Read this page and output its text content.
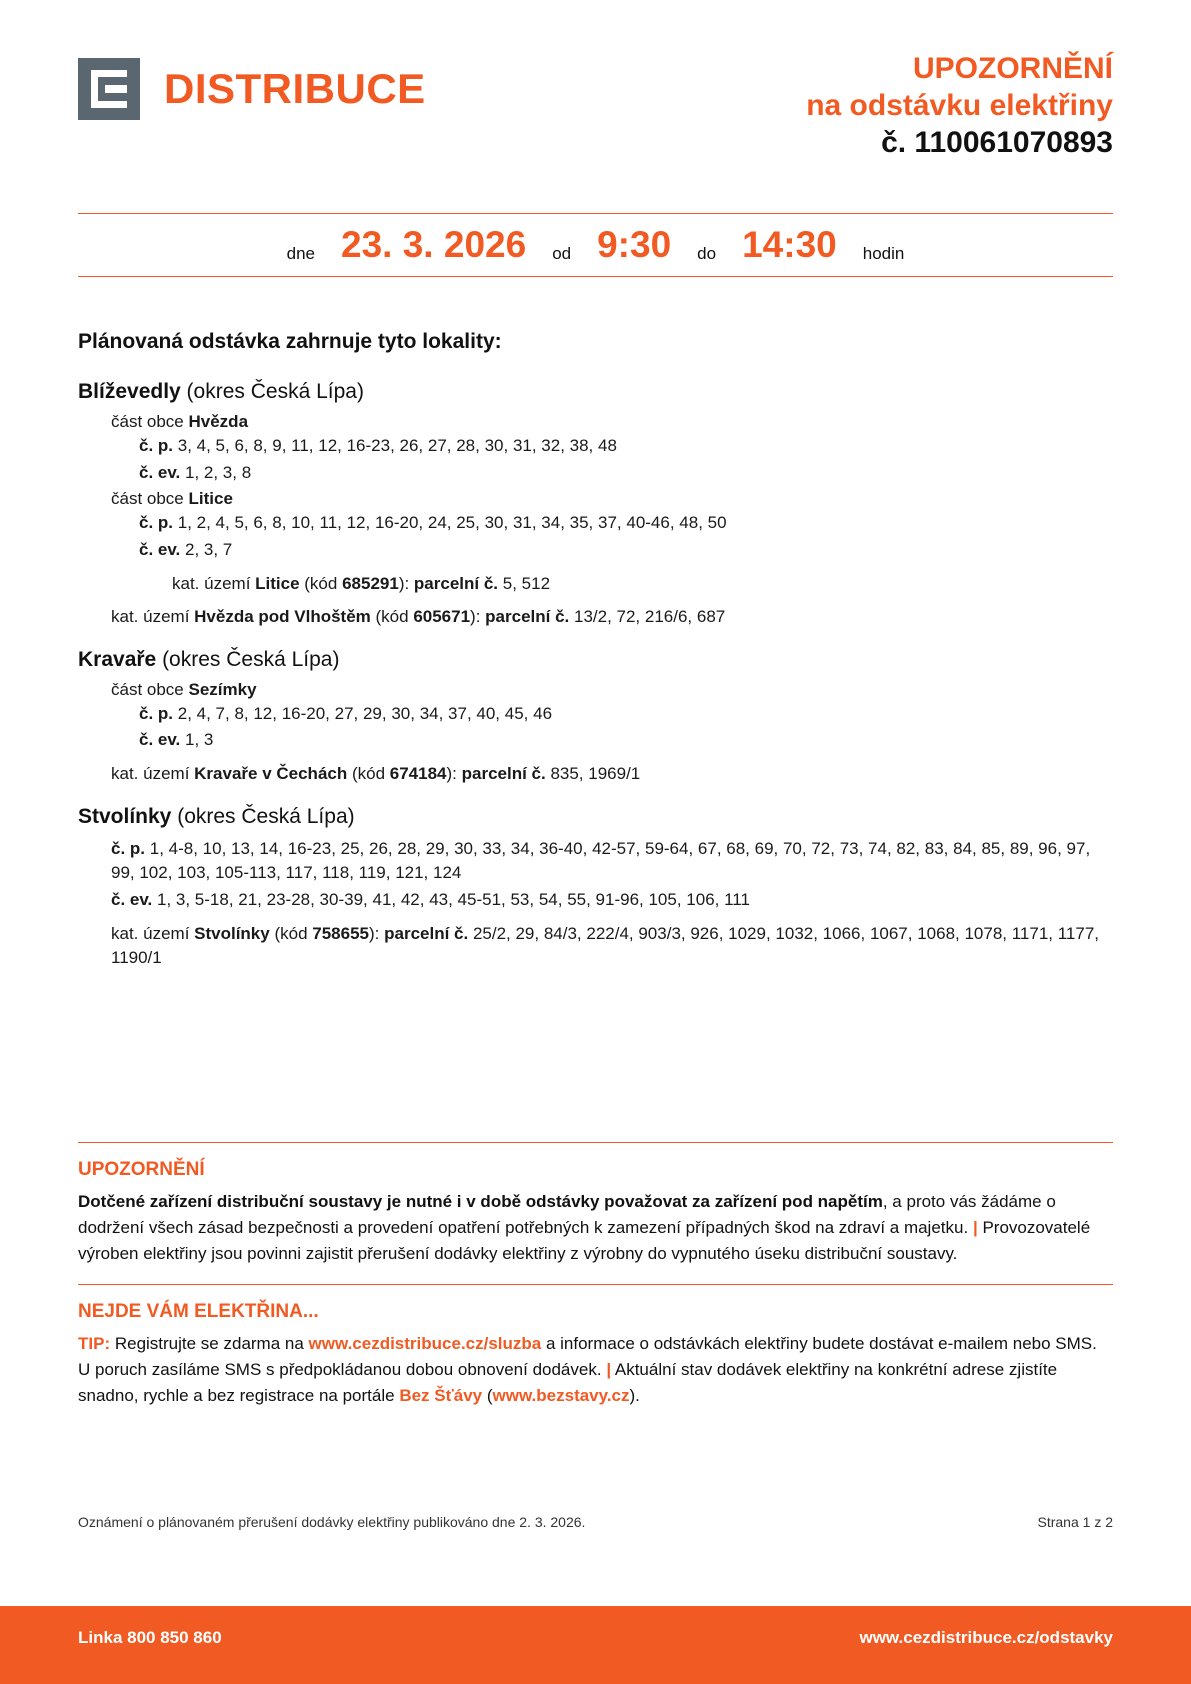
DISTRIBUCE	UPOZORNĚNÍ
na odstávku elektřiny
č. 110061070893
dne 23. 3. 2026 od 9:30 do 14:30 hodin
Plánovaná odstávka zahrnuje tyto lokality:
Blíževedly (okres Česká Lípa)
část obce Hvězda
č. p. 3, 4, 5, 6, 8, 9, 11, 12, 16-23, 26, 27, 28, 30, 31, 32, 38, 48
č. ev. 1, 2, 3, 8
část obce Litice
č. p. 1, 2, 4, 5, 6, 8, 10, 11, 12, 16-20, 24, 25, 30, 31, 34, 35, 37, 40-46, 48, 50
č. ev. 2, 3, 7
kat. území Litice (kód 685291): parcelní č. 5, 512
kat. území Hvězda pod Vlhoštěm (kód 605671): parcelní č. 13/2, 72, 216/6, 687
Kravaře (okres Česká Lípa)
část obce Sezímky
č. p. 2, 4, 7, 8, 12, 16-20, 27, 29, 30, 34, 37, 40, 45, 46
č. ev. 1, 3
kat. území Kravaře v Čechách (kód 674184): parcelní č. 835, 1969/1
Stvolínky (okres Česká Lípa)
č. p. 1, 4-8, 10, 13, 14, 16-23, 25, 26, 28, 29, 30, 33, 34, 36-40, 42-57, 59-64, 67, 68, 69, 70, 72, 73, 74, 82, 83, 84, 85, 89, 96, 97, 99, 102, 103, 105-113, 117, 118, 119, 121, 124
č. ev. 1, 3, 5-18, 21, 23-28, 30-39, 41, 42, 43, 45-51, 53, 54, 55, 91-96, 105, 106, 111
kat. území Stvolínky (kód 758655): parcelní č. 25/2, 29, 84/3, 222/4, 903/3, 926, 1029, 1032, 1066, 1067, 1068, 1078, 1171, 1177, 1190/1
UPOZORNĚNÍ
Dotčené zařízení distribuční soustavy je nutné i v době odstávky považovat za zařízení pod napětím, a proto vás žádáme o dodržení všech zásad bezpečnosti a provedení opatření potřebných k zamezení případných škod na zdraví a majetku. | Provozovatelé výroben elektřiny jsou povinni zajistit přerušení dodávky elektřiny z výrobny do vypnutého úseku distribuční soustavy.
NEJDE VÁM ELEKTŘINA...
TIP: Registrujte se zdarma na www.cezdistribuce.cz/sluzba a informace o odstávkách elektřiny budete dostávat e-mailem nebo SMS. U poruch zasíláme SMS s předpokládanou dobou obnovení dodávek. | Aktuální stav dodávek elektřiny na konkrétní adrese zjistíte snadno, rychle a bez registrace na portále Bez Šťávy (www.bezstavy.cz).
Oznámení o plánovaném přerušení dodávky elektřiny publikováno dne 2. 3. 2026.	Strana 1 z 2
Linka 800 850 860	www.cezdistribuce.cz/odstavky
